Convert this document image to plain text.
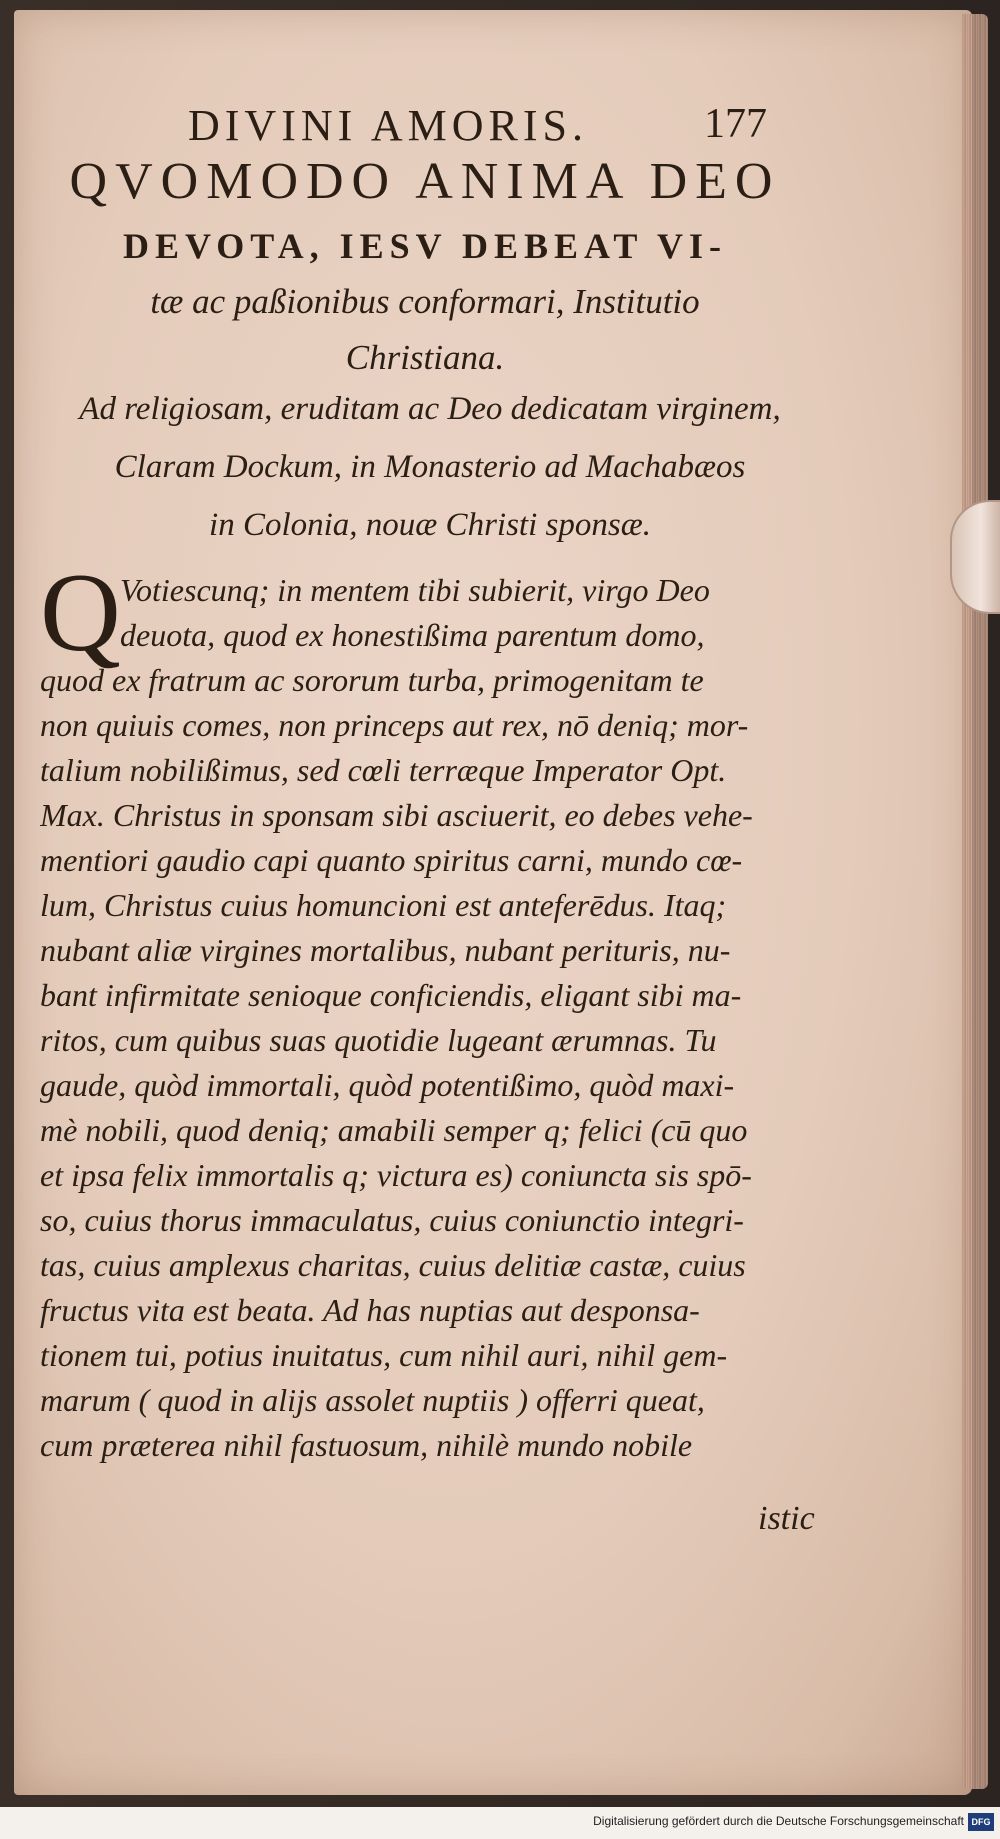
DIVINI AMORIS.	177
QVOMODO ANIMA DEO
DEVOTA, IESV DEBEAT VI-
tæ ac paßionibus conformari, Institutio
Christiana.
Ad religiosam, eruditam ac Deo dedicatam virginem,
Claram Dockum, in Monasterio ad Machabæos
in Colonia, nouæ Christi sponsæ.
Q Votiescunq; in mentem tibi subierit, virgo Deo
deuota, quod ex honestißima parentum domo,
quod ex fratrum ac sororum turba, primogenitam te
non quiuis comes, non princeps aut rex, nō deniq; mor-
talium nobilißimus, sed cœli terræque Imperator Opt.
Max. Christus in sponsam sibi asciuerit, eo debes vehe-
mentiori gaudio capi quanto spiritus carni, mundo cœ-
lum, Christus cuius homuncioni est anteferēdus. Itaq;
nubant aliæ virgines mortalibus, nubant perituris, nu-
bant infirmitate senioque conficiendis, eligant sibi ma-
ritos, cum quibus suas quotidie lugeant ærumnas. Tu
gaude, quòd immortali, quòd potentißimo, quòd maxi-
mè nobili, quod deniq; amabili semper q; felici (cū quo
et ipsa felix immortalis q; victura es) coniuncta sis spō-
so, cuius thorus immaculatus, cuius coniunctio integri-
tas, cuius amplexus charitas, cuius delitiæ castæ, cuius
fructus vita est beata. Ad has nuptias aut desponsa-
tionem tui, potius inuitatus, cum nihil auri, nihil gem-
marum ( quod in alijs assolet nuptiis ) offerri queat,
cum præterea nihil fastuosum, nihilè mundo nobile
istic
Digitalisierung gefördert durch die Deutsche Forschungsgemeinschaft DFG
